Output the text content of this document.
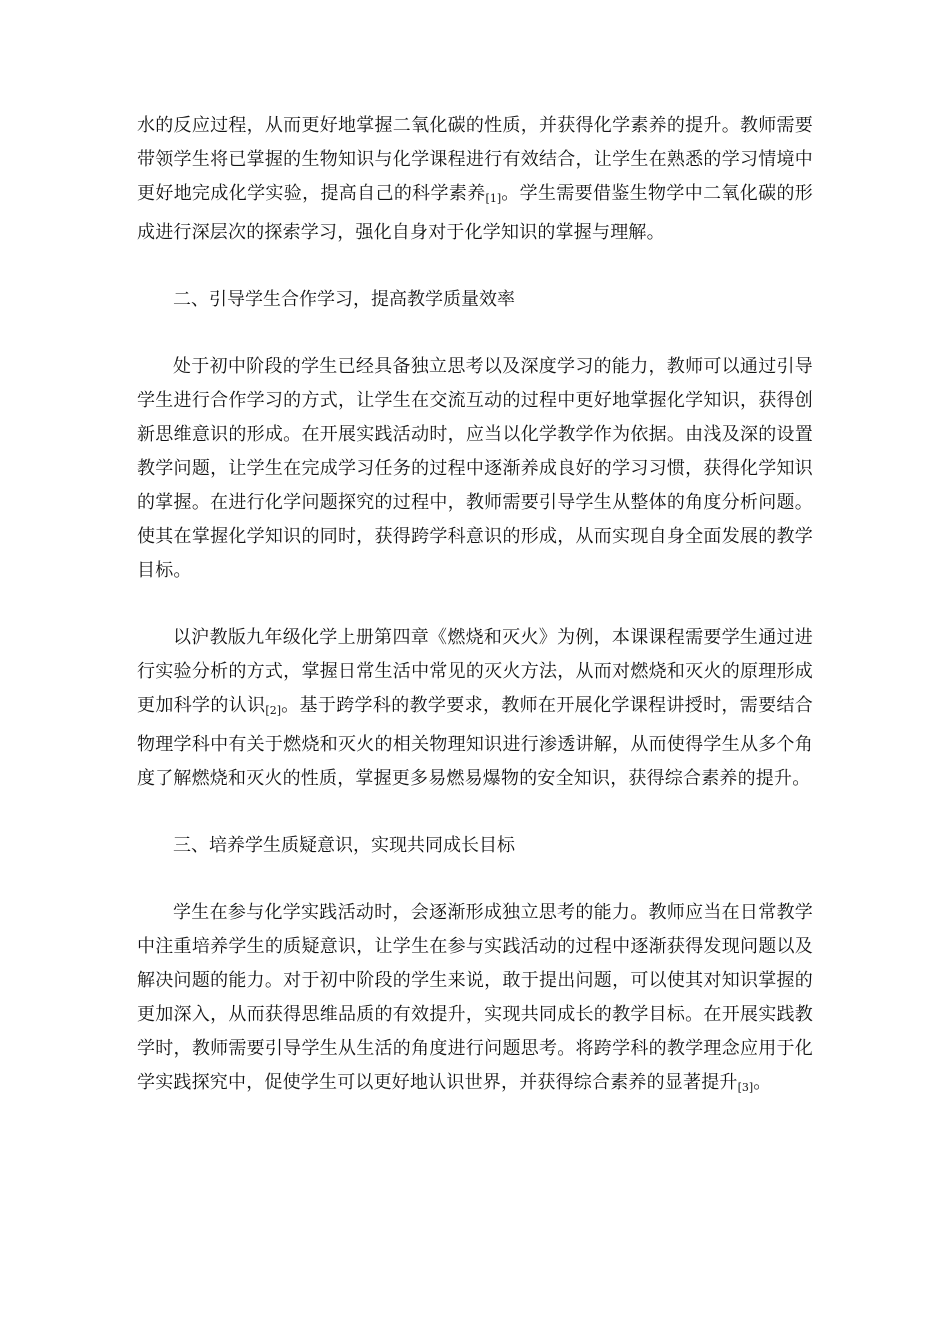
水的反应过程，从而更好地掌握二氧化碳的性质，并获得化学素养的提升。教师需要带领学生将已掌握的生物知识与化学课程进行有效结合，让学生在熟悉的学习情境中更好地完成化学实验，提高自己的科学素养[1]。学生需要借鉴生物学中二氧化碳的形成进行深层次的探索学习，强化自身对于化学知识的掌握与理解。

二、引导学生合作学习，提高教学质量效率

处于初中阶段的学生已经具备独立思考以及深度学习的能力，教师可以通过引导学生进行合作学习的方式，让学生在交流互动的过程中更好地掌握化学知识，获得创新思维意识的形成。在开展实践活动时，应当以化学教学作为依据。由浅及深的设置教学问题，让学生在完成学习任务的过程中逐渐养成良好的学习习惯，获得化学知识的掌握。在进行化学问题探究的过程中，教师需要引导学生从整体的角度分析问题。使其在掌握化学知识的同时，获得跨学科意识的形成，从而实现自身全面发展的教学目标。

以沪教版九年级化学上册第四章《燃烧和灭火》为例，本课课程需要学生通过进行实验分析的方式，掌握日常生活中常见的灭火方法，从而对燃烧和灭火的原理形成更加科学的认识[2]。基于跨学科的教学要求，教师在开展化学课程讲授时，需要结合物理学科中有关于燃烧和灭火的相关物理知识进行渗透讲解，从而使得学生从多个角度了解燃烧和灭火的性质，掌握更多易燃易爆物的安全知识，获得综合素养的提升。

三、培养学生质疑意识，实现共同成长目标

学生在参与化学实践活动时，会逐渐形成独立思考的能力。教师应当在日常教学中注重培养学生的质疑意识，让学生在参与实践活动的过程中逐渐获得发现问题以及解决问题的能力。对于初中阶段的学生来说，敢于提出问题，可以使其对知识掌握的更加深入，从而获得思维品质的有效提升，实现共同成长的教学目标。在开展实践教学时，教师需要引导学生从生活的角度进行问题思考。将跨学科的教学理念应用于化学实践探究中，促使学生可以更好地认识世界，并获得综合素养的显著提升[3]。
